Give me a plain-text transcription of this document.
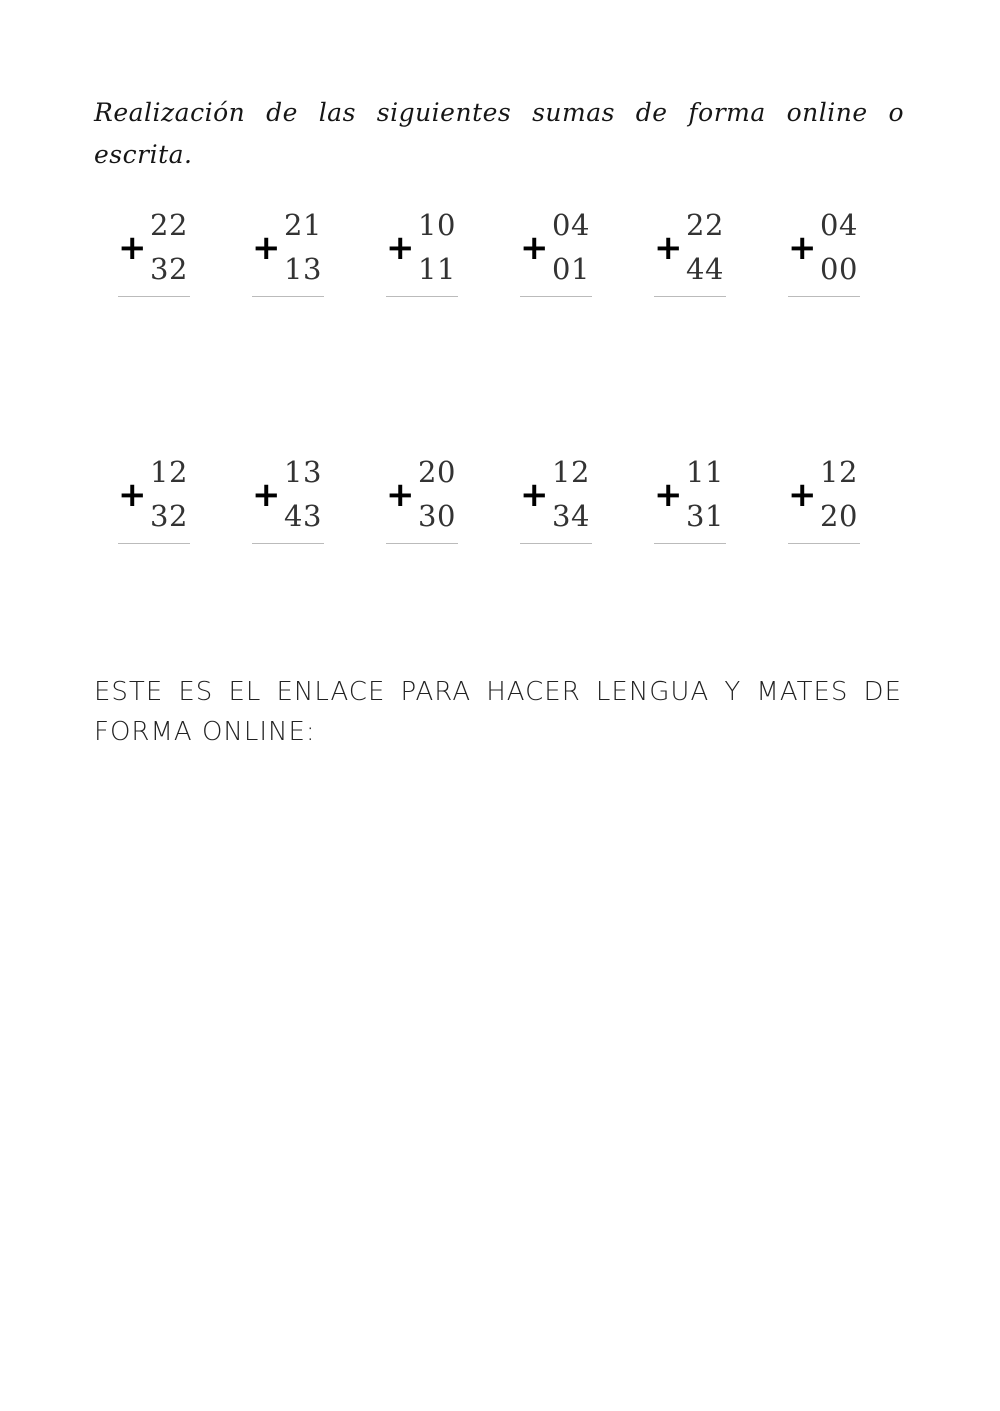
Realización de las siguientes sumas de forma online o escrita.
+
22
32
+
21
13
+
10
11
+
04
01
+
22
44
+
04
00
+
12
32
+
13
43
+
20
30
+
12
34
+
11
31
+
12
20
ESTE ES EL ENLACE PARA HACER LENGUA Y MATES DE FORMA ONLINE:
